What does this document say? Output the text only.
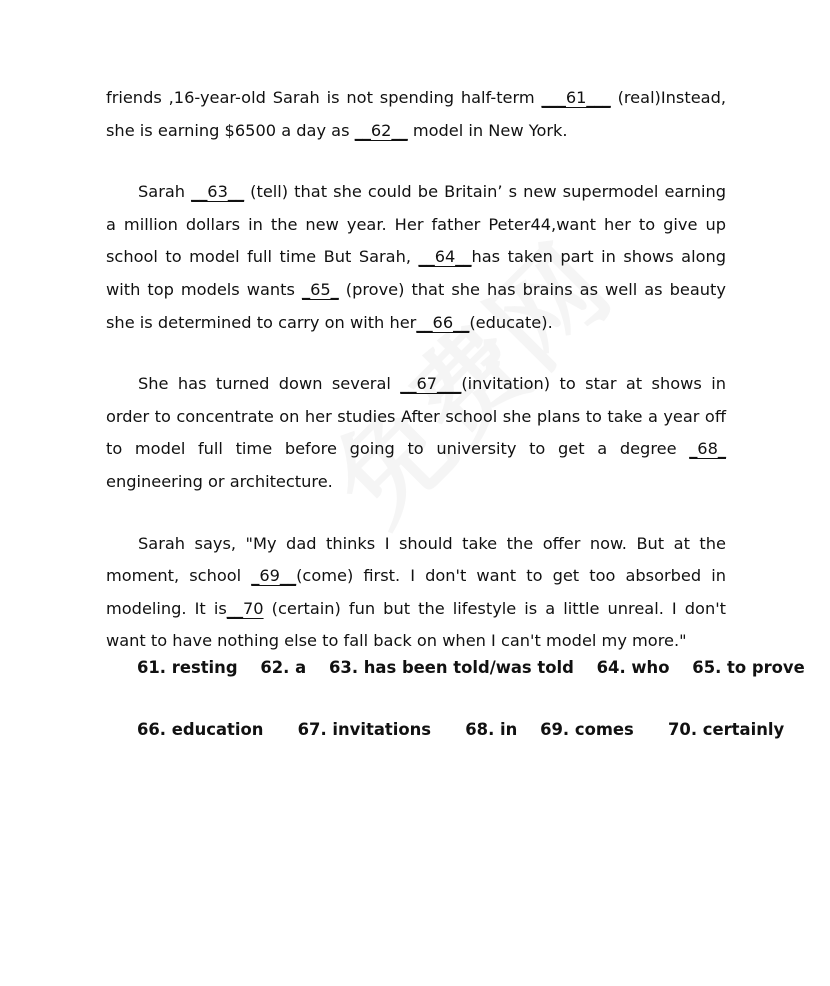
friends ,16-year-old Sarah is not spending half-term ___61___ (real)Instead, she is earning $6500 a day as __62__ model in New York.

Sarah __63__ (tell) that she could be Britain’ s new supermodel earning a million dollars in the new year. Her father Peter44,want her to give up school to model full time But Sarah, __64__has taken part in shows along with top models wants _65_ (prove) that she has brains as well as beauty she is determined to carry on with her__66__(educate).

She has turned down several __67___(invitation) to star at shows in order to concentrate on her studies After school she plans to take a year off to model full time before going to university to get a degree _68_ engineering or architecture.

Sarah says, "My dad thinks I should take the offer now. But at the moment, school _69__(come) first. I don't want to get too absorbed in modeling. It is__70 (certain) fun but the lifestyle is a little unreal. I don't want to have nothing else to fall back on when I can't model my more."

61. resting    62. a    63. has been told/was told    64. who    65. to prove
66. education      67. invitations      68. in    69. comes      70. certainly
